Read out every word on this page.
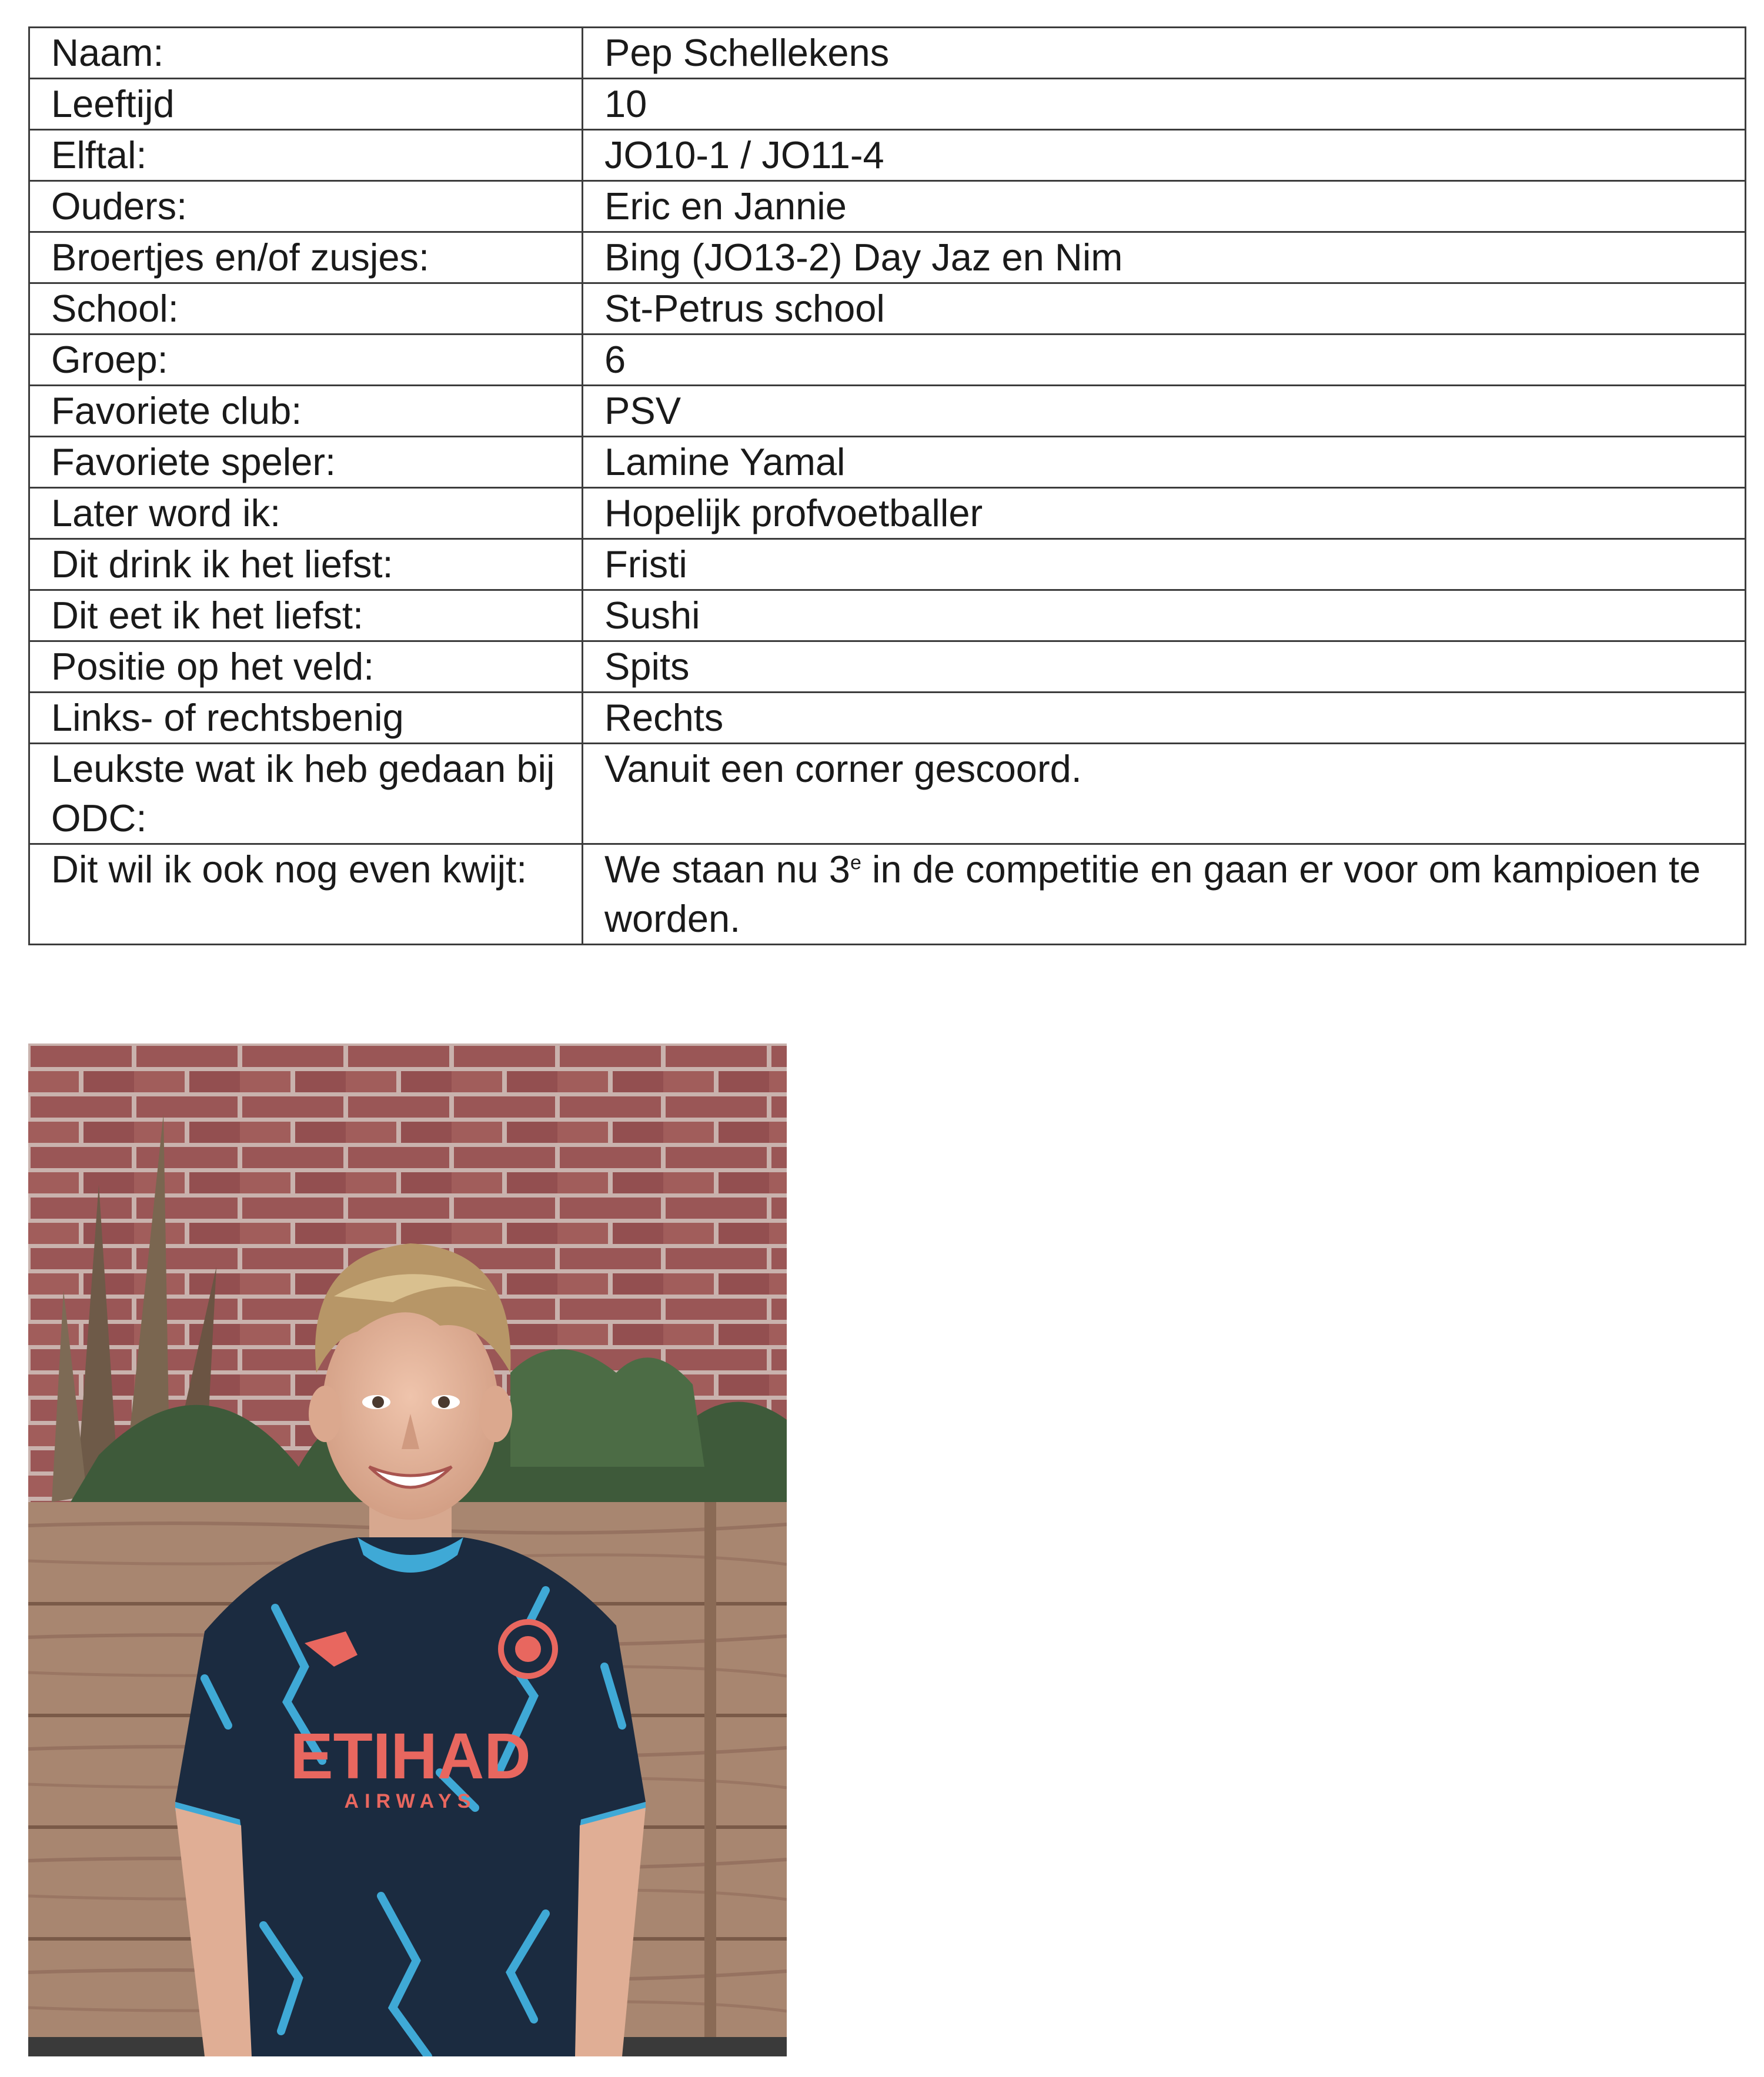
Naam:	Pep Schellekens
Leeftijd	10
Elftal:	JO10-1 / JO11-4
Ouders:	Eric en Jannie
Broertjes en/of zusjes:	Bing (JO13-2) Day Jaz en Nim
School:	St-Petrus school
Groep:	6
Favoriete club:	PSV
Favoriete speler:	Lamine Yamal
Later word ik:	Hopelijk profvoetballer
Dit drink ik het liefst:	Fristi
Dit eet ik het liefst:	Sushi
Positie op het veld:	Spits
Links- of rechtsbenig	Rechts
Leukste wat ik heb gedaan bij ODC:	Vanuit een corner gescoord.
Dit wil ik ook nog even kwijt:	We staan nu 3e in de competitie en gaan er voor om kampioen te worden.
ETIHAD
AIRWAYS
